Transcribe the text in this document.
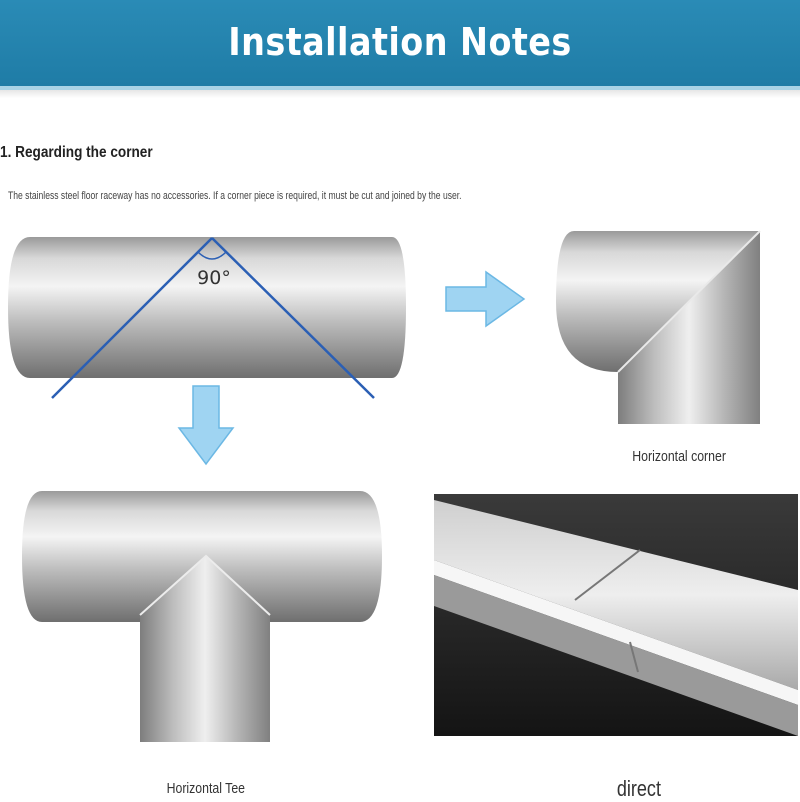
Installation Notes
1. Regarding the corner
The stainless steel floor raceway has no accessories. If a corner piece is required, it must be cut and joined by the user.
90°
Horizontal corner
Horizontal Tee	direct
